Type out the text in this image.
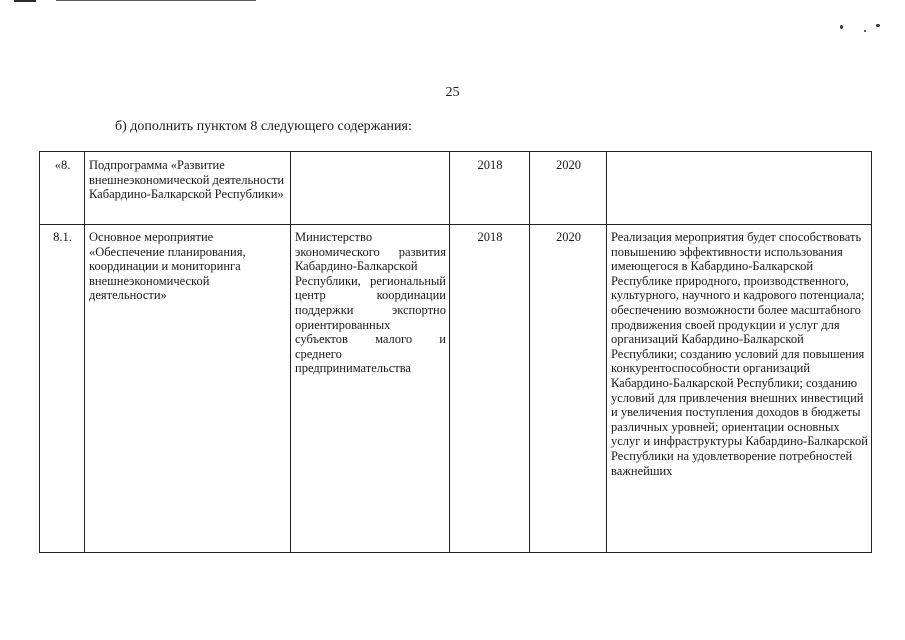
25
б) дополнить пунктом 8 следующего содержания:
«8.	Подпрограмма «Развитие внешнеэкономической деятельности Кабардино-Балкарской Республики»		2018	2020	
8.1.	Основное мероприятие «Обеспечение планирования, координации и мониторинга внешнеэкономической деятельности»	Министерство экономического развития Кабардино-Балкарской Республики, региональный центр координации поддержки экспортно ориентированных субъектов малого и среднего предпринимательства	2018	2020	Реализация мероприятия будет способствовать повышению эффективности использования имеющегося в Кабардино-Балкарской Республике природного, производственного, культурного, научного и кадрового потенциала; обеспечению возможности более масштабного продвижения своей продукции и услуг для организаций Кабардино-Балкарской Республики; созданию условий для повышения конкурентоспособности организаций Кабардино-Балкарской Республики; созданию условий для привлечения внешних инвестиций и увеличения поступления доходов в бюджеты различных уровней; ориентации основных услуг и инфраструктуры Кабардино-Балкарской Республики на удовлетворение потребностей важнейших
